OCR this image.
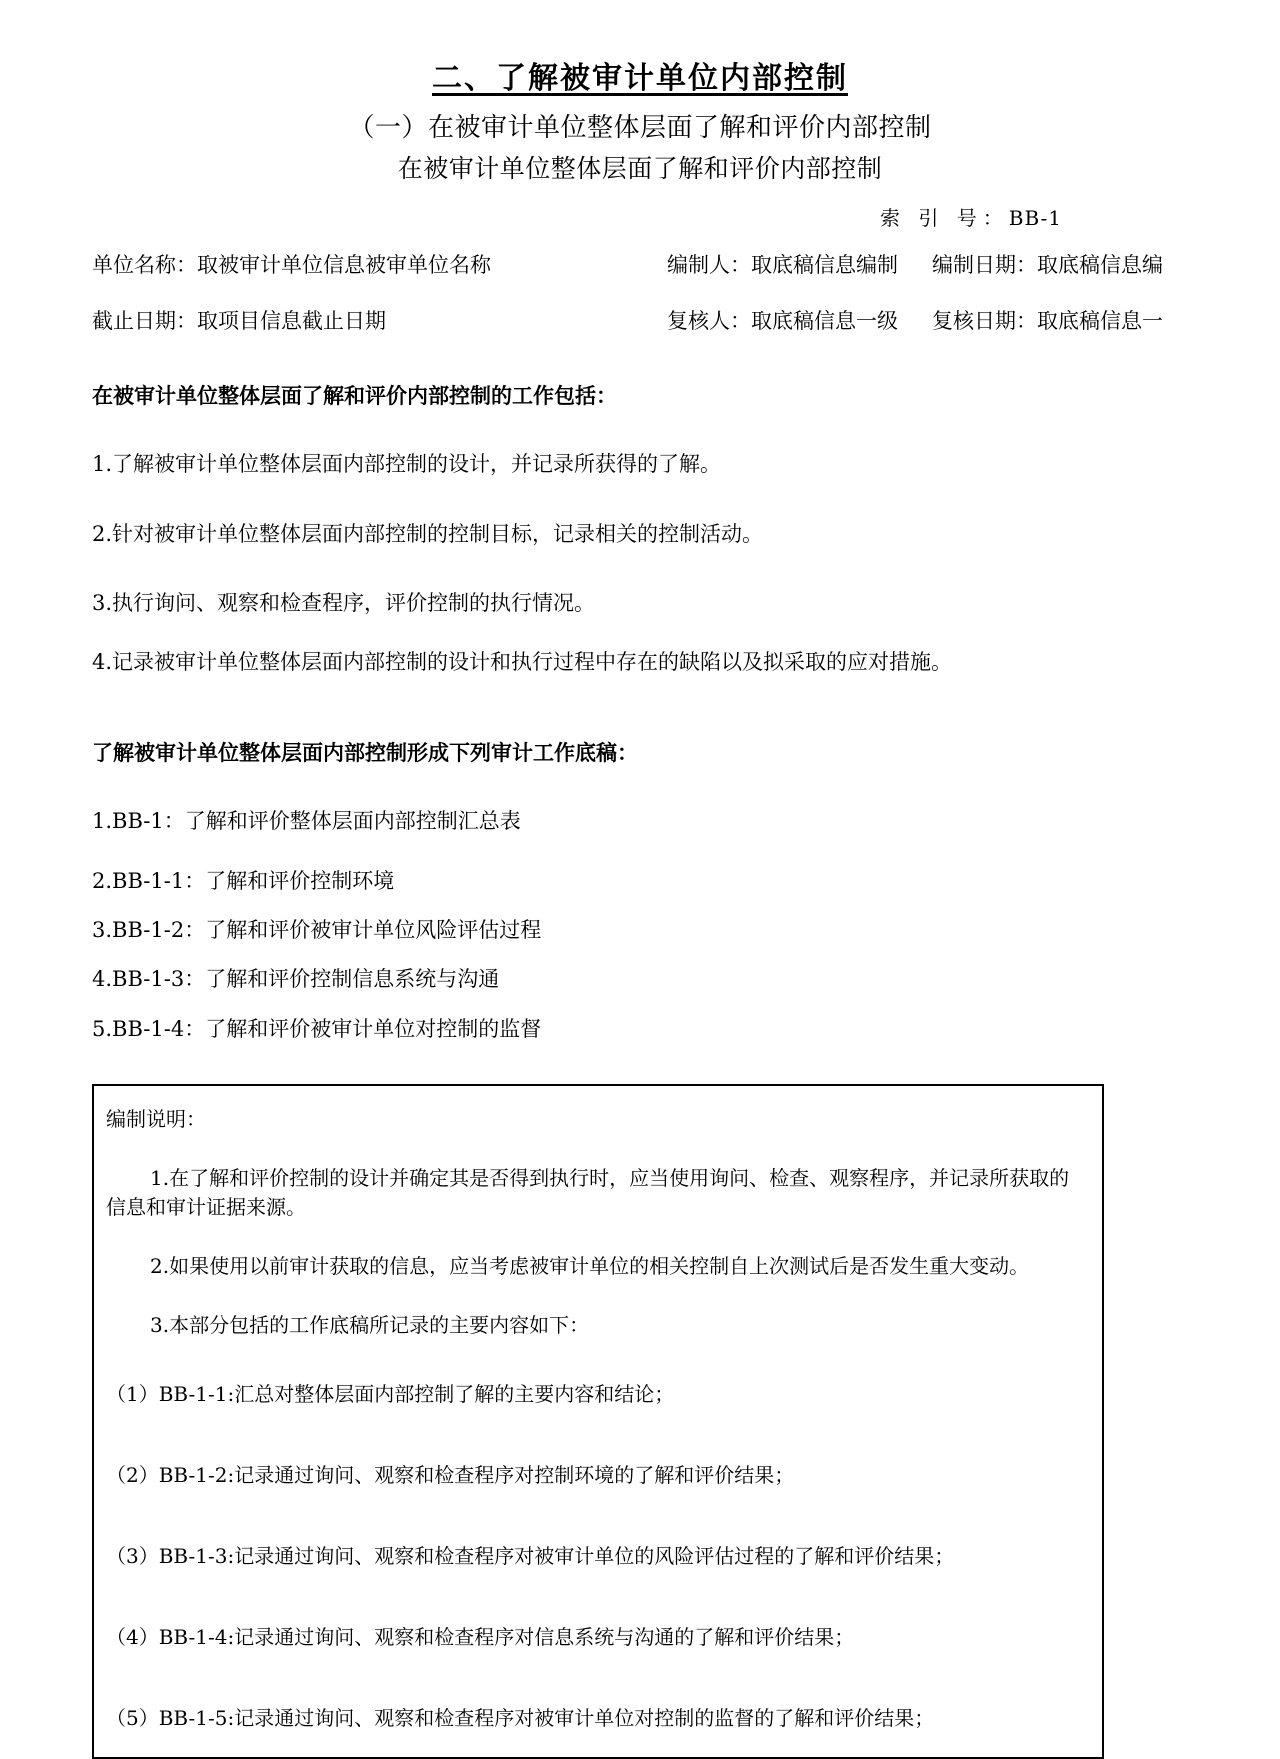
二、了解被审计单位内部控制
（一）在被审计单位整体层面了解和评价内部控制
在被审计单位整体层面了解和评价内部控制
索 引 号：BB-1
单位名称：取被审计单位信息被审单位名称	编制人：取底稿信息编制	编制日期：取底稿信息编
截止日期：取项目信息截止日期	复核人：取底稿信息一级	复核日期：取底稿信息一

在被审计单位整体层面了解和评价内部控制的工作包括：

1.了解被审计单位整体层面内部控制的设计，并记录所获得的了解。

2.针对被审计单位整体层面内部控制的控制目标，记录相关的控制活动。

3.执行询问、观察和检查程序，评价控制的执行情况。

4.记录被审计单位整体层面内部控制的设计和执行过程中存在的缺陷以及拟采取的应对措施。

了解被审计单位整体层面内部控制形成下列审计工作底稿：

1.BB-1：了解和评价整体层面内部控制汇总表

2.BB-1-1：了解和评价控制环境

3.BB-1-2：了解和评价被审计单位风险评估过程

4.BB-1-3：了解和评价控制信息系统与沟通

5.BB-1-4：了解和评价被审计单位对控制的监督

编制说明：

1.在了解和评价控制的设计并确定其是否得到执行时，应当使用询问、检查、观察程序，并记录所获取的信息和审计证据来源。

2.如果使用以前审计获取的信息，应当考虑被审计单位的相关控制自上次测试后是否发生重大变动。

3.本部分包括的工作底稿所记录的主要内容如下：

（1）BB-1-1:汇总对整体层面内部控制了解的主要内容和结论；

（2）BB-1-2:记录通过询问、观察和检查程序对控制环境的了解和评价结果；

（3）BB-1-3:记录通过询问、观察和检查程序对被审计单位的风险评估过程的了解和评价结果；

（4）BB-1-4:记录通过询问、观察和检查程序对信息系统与沟通的了解和评价结果；

（5）BB-1-5:记录通过询问、观察和检查程序对被审计单位对控制的监督的了解和评价结果；
